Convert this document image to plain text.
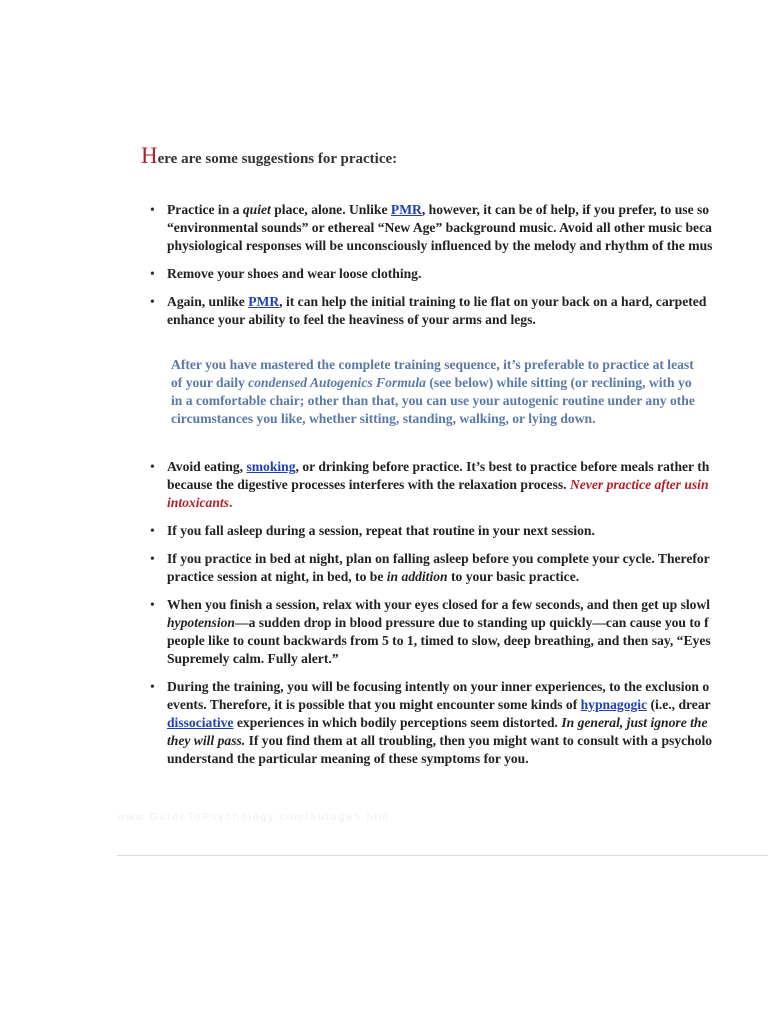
Here are some suggestions for practice:
• Practice in a quiet place, alone. Unlike PMR, however, it can be of help, if you prefer, to use so
“environmental sounds” or ethereal “New Age” background music. Avoid all other music beca
physiological responses will be unconsciously influenced by the melody and rhythm of the mus
• Remove your shoes and wear loose clothing.
• Again, unlike PMR, it can help the initial training to lie flat on your back on a hard, carpeted
enhance your ability to feel the heaviness of your arms and legs.
After you have mastered the complete training sequence, it’s preferable to practice at least
of your daily condensed Autogenics Formula (see below) while sitting (or reclining, with yo
in a comfortable chair; other than that, you can use your autogenic routine under any othe
circumstances you like, whether sitting, standing, walking, or lying down.
• Avoid eating, smoking, or drinking before practice. It’s best to practice before meals rather th
because the digestive processes interferes with the relaxation process. Never practice after usin
intoxicants.
• If you fall asleep during a session, repeat that routine in your next session.
• If you practice in bed at night, plan on falling asleep before you complete your cycle. Therefor
practice session at night, in bed, to be in addition to your basic practice.
• When you finish a session, relax with your eyes closed for a few seconds, and then get up slowl
hypotension—a sudden drop in blood pressure due to standing up quickly—can cause you to f
people like to count backwards from 5 to 1, timed to slow, deep breathing, and then say, “Eyes
Supremely calm. Fully alert.”
• During the training, you will be focusing intently on your inner experiences, to the exclusion o
events. Therefore, it is possible that you might encounter some kinds of hypnagogic (i.e., drear
dissociative experiences in which bodily perceptions seem distorted. In general, just ignore the
they will pass. If you find them at all troubling, then you might want to consult with a psycholo
understand the particular meaning of these symptoms for you.
www.GuideToPsychology.com/autogen.htm
